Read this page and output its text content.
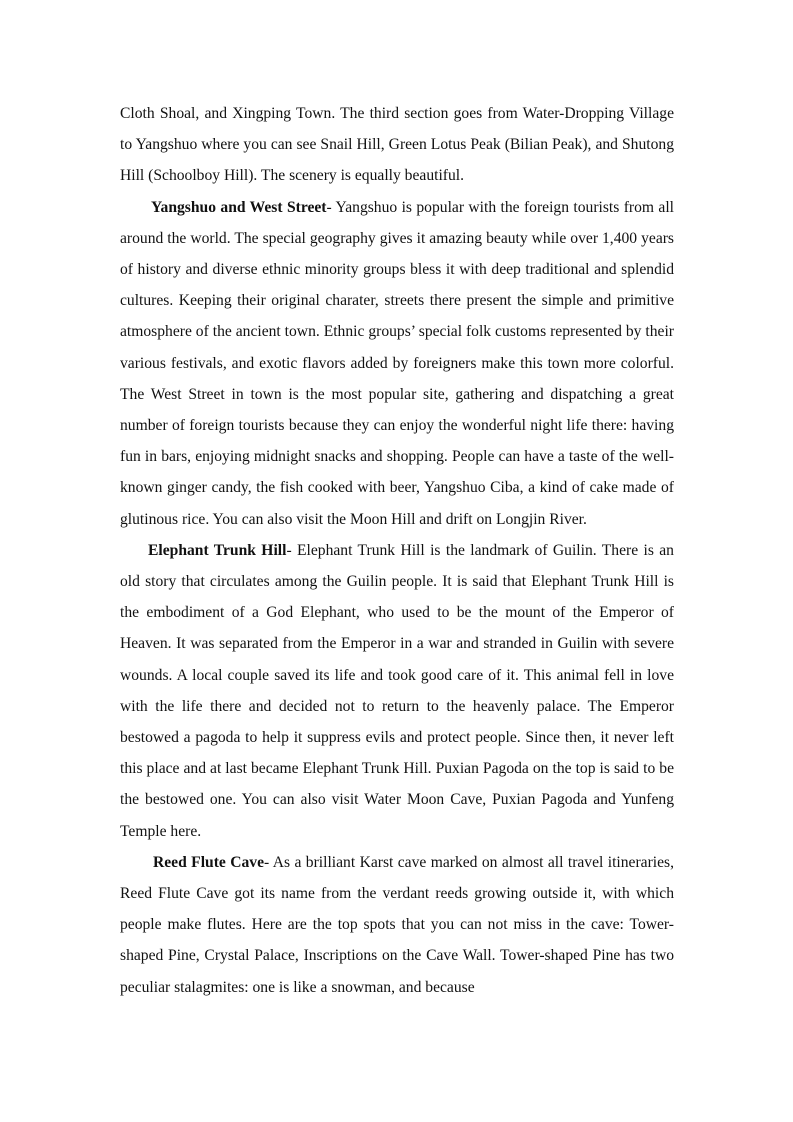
Cloth Shoal, and Xingping Town. The third section goes from Water-Dropping Village to Yangshuo where you can see Snail Hill, Green Lotus Peak (Bilian Peak), and Shutong Hill (Schoolboy Hill). The scenery is equally beautiful.

Yangshuo and West Street- Yangshuo is popular with the foreign tourists from all around the world. The special geography gives it amazing beauty while over 1,400 years of history and diverse ethnic minority groups bless it with deep traditional and splendid cultures. Keeping their original charater, streets there present the simple and primitive atmosphere of the ancient town. Ethnic groups’ special folk customs represented by their various festivals, and exotic flavors added by foreigners make this town more colorful. The West Street in town is the most popular site, gathering and dispatching a great number of foreign tourists because they can enjoy the wonderful night life there: having fun in bars, enjoying midnight snacks and shopping. People can have a taste of the well-known ginger candy, the fish cooked with beer, Yangshuo Ciba, a kind of cake made of glutinous rice. You can also visit the Moon Hill and drift on Longjin River.

Elephant Trunk Hill- Elephant Trunk Hill is the landmark of Guilin. There is an old story that circulates among the Guilin people. It is said that Elephant Trunk Hill is the embodiment of a God Elephant, who used to be the mount of the Emperor of Heaven. It was separated from the Emperor in a war and stranded in Guilin with severe wounds. A local couple saved its life and took good care of it. This animal fell in love with the life there and decided not to return to the heavenly palace. The Emperor bestowed a pagoda to help it suppress evils and protect people. Since then, it never left this place and at last became Elephant Trunk Hill. Puxian Pagoda on the top is said to be the bestowed one. You can also visit Water Moon Cave, Puxian Pagoda and Yunfeng Temple here.

Reed Flute Cave- As a brilliant Karst cave marked on almost all travel itineraries, Reed Flute Cave got its name from the verdant reeds growing outside it, with which people make flutes. Here are the top spots that you can not miss in the cave: Tower-shaped Pine, Crystal Palace, Inscriptions on the Cave Wall. Tower-shaped Pine has two peculiar stalagmites: one is like a snowman, and because
